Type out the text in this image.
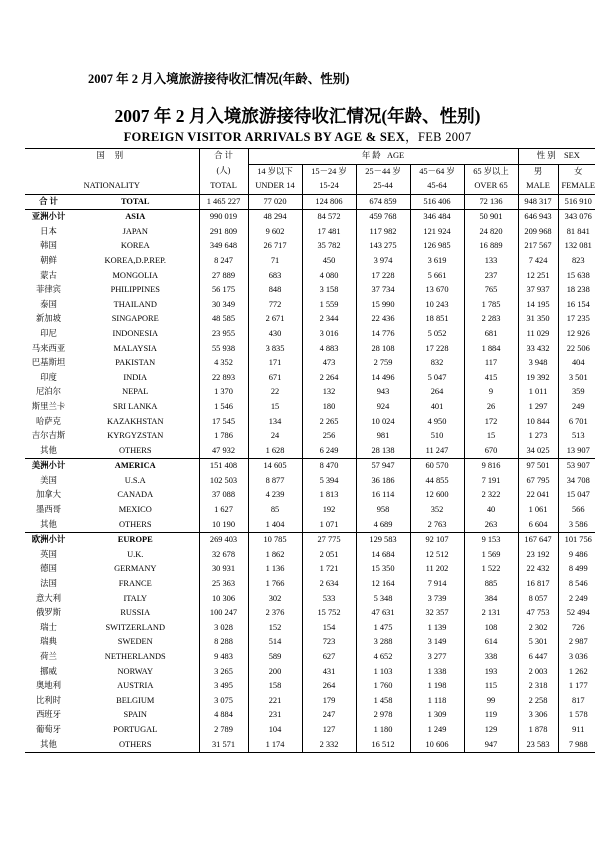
2007 年 2 月入境旅游接待收汇情况(年龄、性别)
2007 年 2 月入境旅游接待收汇情况(年龄、性别)
FOREIGN VISITOR ARRIVALS BY AGE & SEX，FEB 2007
国 别		合 计	年 龄 AGE					性 别 SEX	
		(人)	14 岁以下	15－24 岁	25－44 岁	45－64 岁	65 岁以上	男	女
NATIONALITY		TOTAL	UNDER 14	15-24	25-44	45-64	OVER 65	MALE	FEMALE
合 计	TOTAL	1 465 227	77 020	124 806	674 859	516 406	72 136	948 317	516 910
亚洲小计	ASIA	990 019	48 294	84 572	459 768	346 484	50 901	646 943	343 076
日本	JAPAN	291 809	9 602	17 481	117 982	121 924	24 820	209 968	81 841
韩国	KOREA	349 648	26 717	35 782	143 275	126 985	16 889	217 567	132 081
朝鲜	KOREA,D.P.REP.	8 247	71	450	3 974	3 619	133	7 424	823
蒙古	MONGOLIA	27 889	683	4 080	17 228	5 661	237	12 251	15 638
菲律宾	PHILIPPINES	56 175	848	3 158	37 734	13 670	765	37 937	18 238
泰国	THAILAND	30 349	772	1 559	15 990	10 243	1 785	14 195	16 154
新加坡	SINGAPORE	48 585	2 671	2 344	22 436	18 851	2 283	31 350	17 235
印尼	INDONESIA	23 955	430	3 016	14 776	5 052	681	11 029	12 926
马来西亚	MALAYSIA	55 938	3 835	4 883	28 108	17 228	1 884	33 432	22 506
巴基斯坦	PAKISTAN	4 352	171	473	2 759	832	117	3 948	404
印度	INDIA	22 893	671	2 264	14 496	5 047	415	19 392	3 501
尼泊尔	NEPAL	1 370	22	132	943	264	9	1 011	359
斯里兰卡	SRI LANKA	1 546	15	180	924	401	26	1 297	249
哈萨克	KAZAKHSTAN	17 545	134	2 265	10 024	4 950	172	10 844	6 701
吉尔吉斯	KYRGYZSTAN	1 786	24	256	981	510	15	1 273	513
其他	OTHERS	47 932	1 628	6 249	28 138	11 247	670	34 025	13 907
美洲小计	AMERICA	151 408	14 605	8 470	57 947	60 570	9 816	97 501	53 907
美国	U.S.A	102 503	8 877	5 394	36 186	44 855	7 191	67 795	34 708
加拿大	CANADA	37 088	4 239	1 813	16 114	12 600	2 322	22 041	15 047
墨西哥	MEXICO	1 627	85	192	958	352	40	1 061	566
其他	OTHERS	10 190	1 404	1 071	4 689	2 763	263	6 604	3 586
欧洲小计	EUROPE	269 403	10 785	27 775	129 583	92 107	9 153	167 647	101 756
英国	U.K.	32 678	1 862	2 051	14 684	12 512	1 569	23 192	9 486
德国	GERMANY	30 931	1 136	1 721	15 350	11 202	1 522	22 432	8 499
法国	FRANCE	25 363	1 766	2 634	12 164	7 914	885	16 817	8 546
意大利	ITALY	10 306	302	533	5 348	3 739	384	8 057	2 249
俄罗斯	RUSSIA	100 247	2 376	15 752	47 631	32 357	2 131	47 753	52 494
瑞士	SWITZERLAND	3 028	152	154	1 475	1 139	108	2 302	726
瑞典	SWEDEN	8 288	514	723	3 288	3 149	614	5 301	2 987
荷兰	NETHERLANDS	9 483	589	627	4 652	3 277	338	6 447	3 036
挪威	NORWAY	3 265	200	431	1 103	1 338	193	2 003	1 262
奥地利	AUSTRIA	3 495	158	264	1 760	1 198	115	2 318	1 177
比利时	BELGIUM	3 075	221	179	1 458	1 118	99	2 258	817
西班牙	SPAIN	4 884	231	247	2 978	1 309	119	3 306	1 578
葡萄牙	PORTUGAL	2 789	104	127	1 180	1 249	129	1 878	911
其他	OTHERS	31 571	1 174	2 332	16 512	10 606	947	23 583	7 988
